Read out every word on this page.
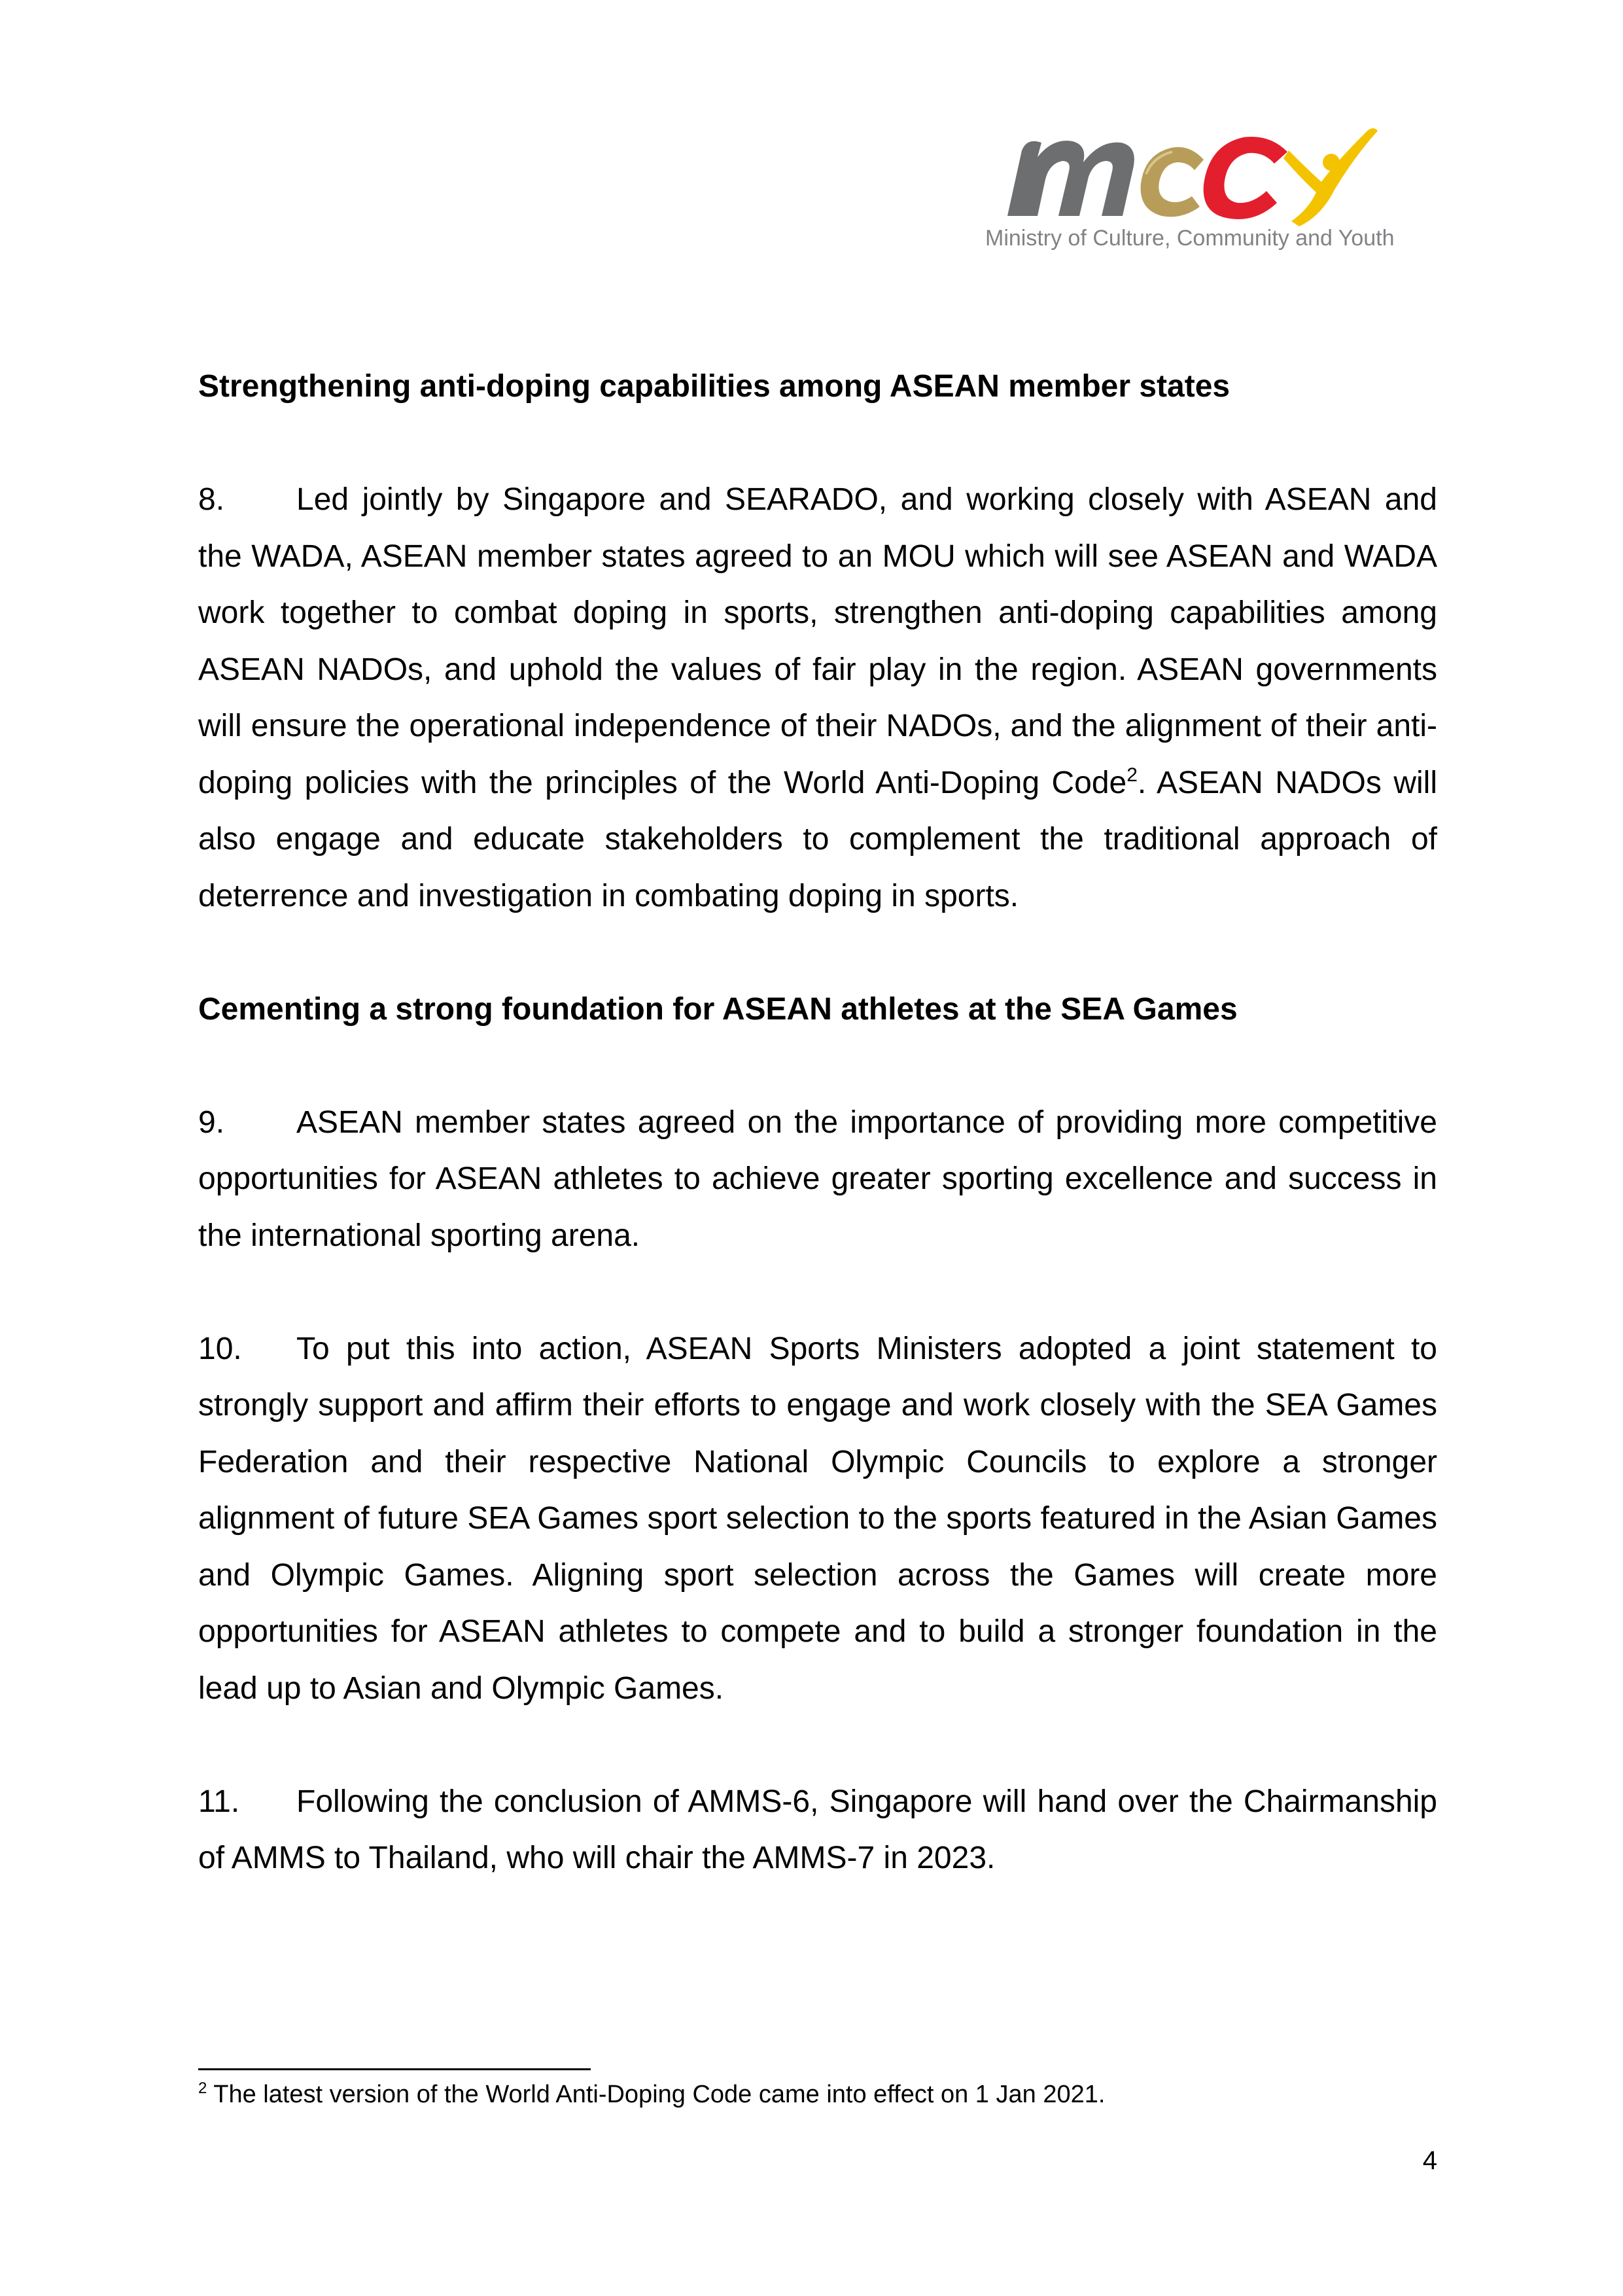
Ministry of Culture, Community and Youth

Strengthening anti-doping capabilities among ASEAN member states

8. Led jointly by Singapore and SEARADO, and working closely with ASEAN and the WADA, ASEAN member states agreed to an MOU which will see ASEAN and WADA work together to combat doping in sports, strengthen anti-doping capabilities among ASEAN NADOs, and uphold the values of fair play in the region. ASEAN governments will ensure the operational independence of their NADOs, and the alignment of their anti-doping policies with the principles of the World Anti-Doping Code$^2$. ASEAN NADOs will also engage and educate stakeholders to complement the traditional approach of deterrence and investigation in combating doping in sports.

Cementing a strong foundation for ASEAN athletes at the SEA Games

9. ASEAN member states agreed on the importance of providing more competitive opportunities for ASEAN athletes to achieve greater sporting excellence and success in the international sporting arena.

10. To put this into action, ASEAN Sports Ministers adopted a joint statement to strongly support and affirm their efforts to engage and work closely with the SEA Games Federation and their respective National Olympic Councils to explore a stronger alignment of future SEA Games sport selection to the sports featured in the Asian Games and Olympic Games. Aligning sport selection across the Games will create more opportunities for ASEAN athletes to compete and to build a stronger foundation in the lead up to Asian and Olympic Games.

11. Following the conclusion of AMMS-6, Singapore will hand over the Chairmanship of AMMS to Thailand, who will chair the AMMS-7 in 2023.

$^2$ The latest version of the World Anti-Doping Code came into effect on 1 Jan 2021.
4
